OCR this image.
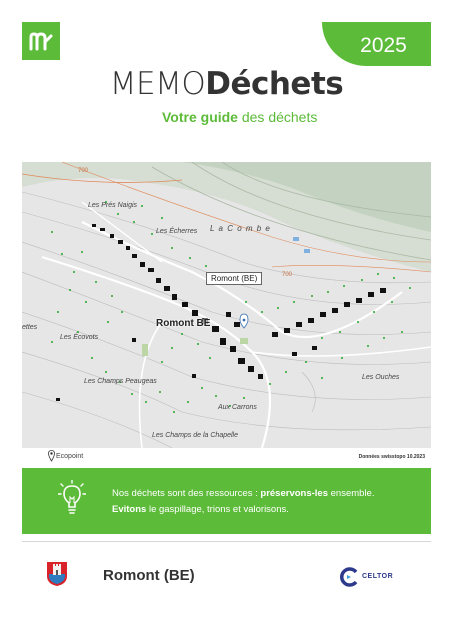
2025
MEMODéchets
Votre guide des déchets
700
700
Les Prés Naigis
Les Écherres L a C o m b e
Les Écovots
Les Champs Peaugeas
Aux Carrons
Les Champs de la Chapelle
Les Ouches
ettes
Romont (BE)
Romont BE
Ecopoint	Données swisstopo 10.2023
Nos déchets sont des ressources : préservons-les ensemble.
Evitons le gaspillage, trions et valorisons.
Romont (BE)	CELTOR
